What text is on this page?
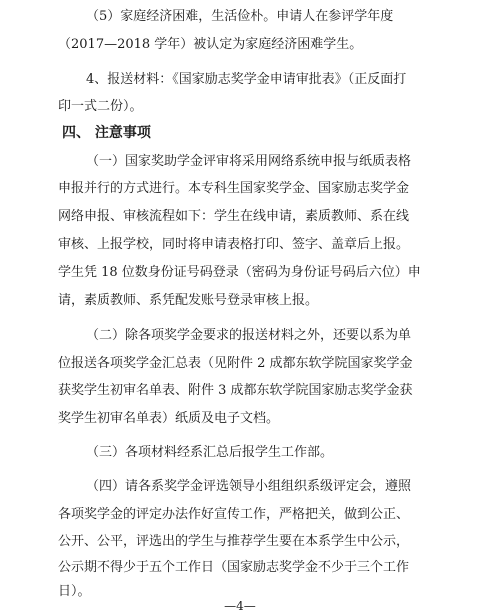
（5）家庭经济困难，生活俭朴。申请人在参评学年度
（2017—2018 学年）被认定为家庭经济困难学生。
4、报送材料：《国家励志奖学金申请审批表》（正反面打
印一式二份）。
四、 注意事项
（一）国家奖助学金评审将采用网络系统申报与纸质表格
申报并行的方式进行。本专科生国家奖学金、国家励志奖学金
网络申报、审核流程如下：学生在线申请，素质教师、系在线
审核、上报学校，同时将申请表格打印、签字、盖章后上报。
学生凭 18 位数身份证号码登录（密码为身份证号码后六位）申
请，素质教师、系凭配发账号登录审核上报。
（二）除各项奖学金要求的报送材料之外，还要以系为单
位报送各项奖学金汇总表（见附件 2 成都东软学院国家奖学金
获奖学生初审名单表、附件 3 成都东软学院国家励志奖学金获
奖学生初审名单表）纸质及电子文档。
（三）各项材料经系汇总后报学生工作部。
（四）请各系奖学金评选领导小组组织系级评定会，遵照
各项奖学金的评定办法作好宣传工作，严格把关，做到公正、
公开、公平，评选出的学生与推荐学生要在本系学生中公示，
公示期不得少于五个工作日（国家励志奖学金不少于三个工作
日）。
—4—
